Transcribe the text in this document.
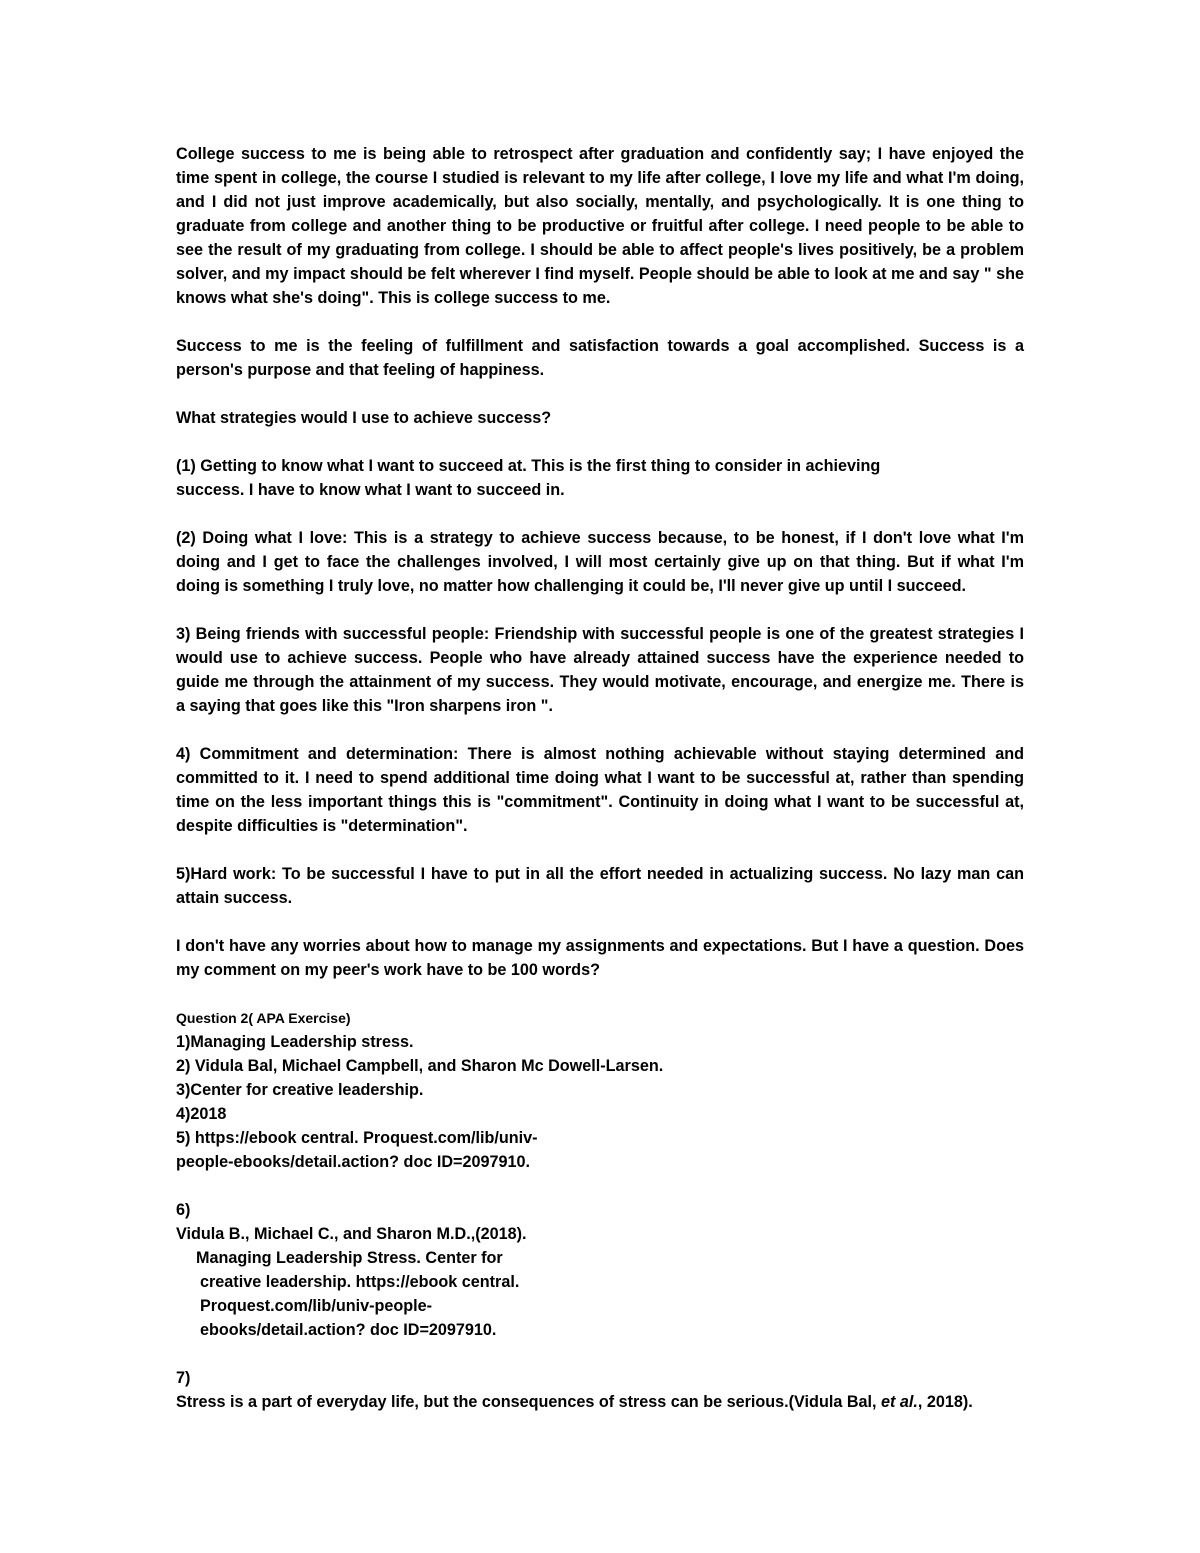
College success to me is being able to retrospect after graduation and confidently say; I have enjoyed the time spent in college, the course I studied is relevant to my life after college, I love my life and what I'm doing, and I did not just improve academically, but also socially, mentally, and psychologically. It is one thing to graduate from college and another thing to be productive or fruitful after college. I need people to be able to see the result of my graduating from college. I should be able to affect people's lives positively, be a problem solver, and my impact should be felt wherever I find myself. People should be able to look at me and say " she knows what she's doing". This is college success to me.

Success to me is the feeling of fulfillment and satisfaction towards a goal accomplished. Success is a person's purpose and that feeling of happiness.

What strategies would I use to achieve success?

(1) Getting to know what I want to succeed at. This is the first thing to consider in achieving
success. I have to know what I want to succeed in.

(2) Doing what I love: This is a strategy to achieve success because, to be honest, if I don't love what I'm doing and I get to face the challenges involved, I will most certainly give up on that thing. But if what I'm doing is something I truly love, no matter how challenging it could be, I'll never give up until I succeed.

3) Being friends with successful people: Friendship with successful people is one of the greatest strategies I would use to achieve success. People who have already attained success have the experience needed to guide me through the attainment of my success. They would motivate, encourage, and energize me. There is a saying that goes like this "Iron sharpens iron ".

4) Commitment and determination: There is almost nothing achievable without staying determined and committed to it. I need to spend additional time doing what I want to be successful at, rather than spending time on the less important things this is "commitment". Continuity in doing what I want to be successful at, despite difficulties is "determination".

5)Hard work: To be successful I have to put in all the effort needed in actualizing success. No lazy man can attain success.

I don't have any worries about how to manage my assignments and expectations. But I have a question. Does my comment on my peer's work have to be 100 words?

Question 2( APA Exercise)
1)Managing Leadership stress.
2) Vidula Bal, Michael Campbell, and Sharon Mc Dowell-Larsen.
3)Center for creative leadership.
4)2018
5) https://ebook central. Proquest.com/lib/univ-
people-ebooks/detail.action? doc ID=2097910.
6)
Vidula B., Michael C., and Sharon M.D.,(2018).
Managing Leadership Stress. Center for
creative leadership. https://ebook central.
Proquest.com/lib/univ-people-
ebooks/detail.action? doc ID=2097910.
7)
Stress is a part of everyday life, but the consequences of stress can be serious.(Vidula Bal, et al., 2018).
